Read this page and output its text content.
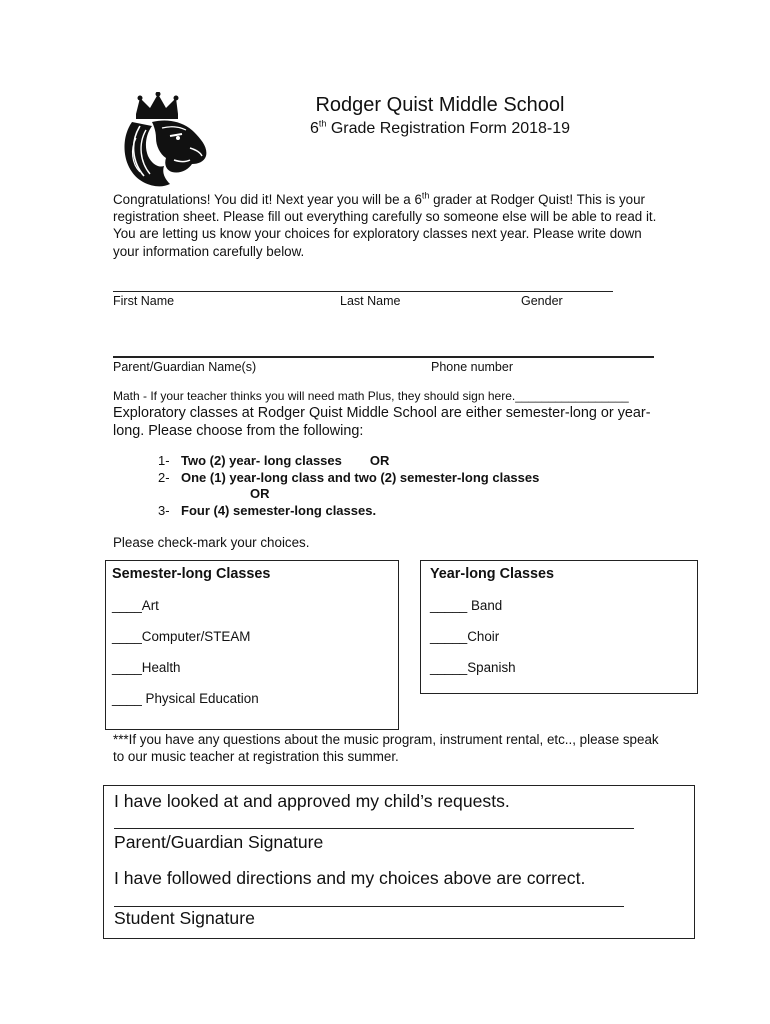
Rodger Quist Middle School
6th Grade Registration Form 2018-19
Congratulations! You did it! Next year you will be a 6th grader at Rodger Quist! This is your registration sheet. Please fill out everything carefully so someone else will be able to read it. You are letting us know your choices for exploratory classes next year. Please write down your information carefully below.
First Name	Last Name	Gender
Parent/Guardian Name(s)	Phone number
Math - If your teacher thinks you will need math Plus, they should sign here._________________
Exploratory classes at Rodger Quist Middle School are either semester-long or year-long. Please choose from the following:
1- Two (2) year- long classes OR
2- One (1) year-long class and two (2) semester-long classes
OR
3- Four (4) semester-long classes.
Please check-mark your choices.
Semester-long Classes
____Art
____Computer/STEAM
____Health
____ Physical Education
Year-long Classes
_____ Band
_____Choir
_____Spanish
***If you have any questions about the music program, instrument rental, etc.., please speak to our music teacher at registration this summer.
I have looked at and approved my child’s requests.
Parent/Guardian Signature
I have followed directions and my choices above are correct.
Student Signature
